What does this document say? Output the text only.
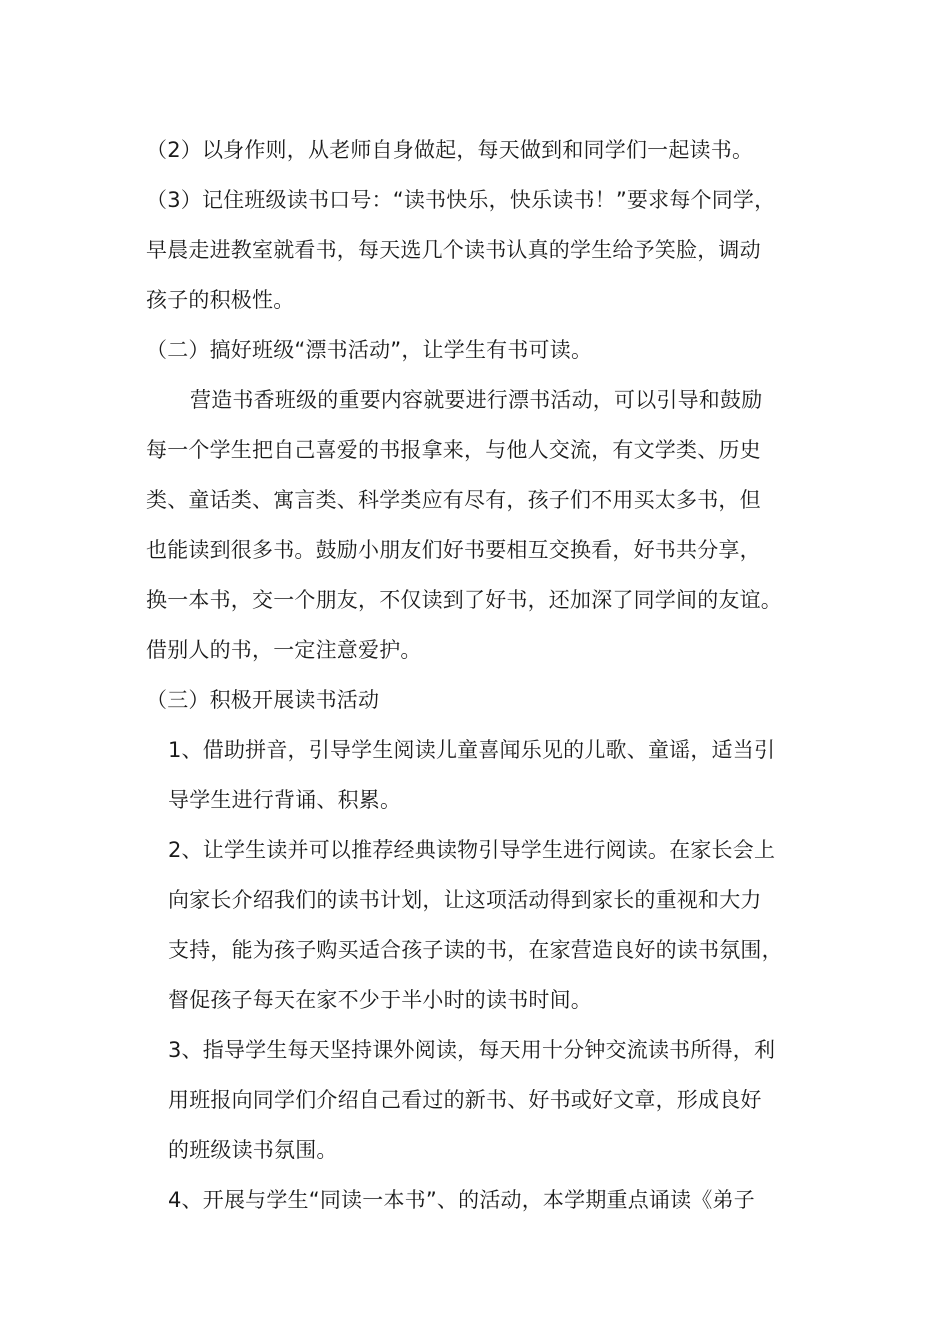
（2）以身作则，从老师自身做起，每天做到和同学们一起读书。
（3）记住班级读书口号：“读书快乐，快乐读书！”要求每个同学，
早晨走进教室就看书，每天选几个读书认真的学生给予笑脸，调动
孩子的积极性。
（二）搞好班级“漂书活动”，让学生有书可读。
营造书香班级的重要内容就要进行漂书活动，可以引导和鼓励
每一个学生把自己喜爱的书报拿来，与他人交流，有文学类、历史
类、童话类、寓言类、科学类应有尽有，孩子们不用买太多书，但
也能读到很多书。鼓励小朋友们好书要相互交换看，好书共分享，
换一本书，交一个朋友，不仅读到了好书，还加深了同学间的友谊。
借别人的书，一定注意爱护。
（三）积极开展读书活动
1、借助拼音，引导学生阅读儿童喜闻乐见的儿歌、童谣，适当引
导学生进行背诵、积累。
2、让学生读并可以推荐经典读物引导学生进行阅读。在家长会上
向家长介绍我们的读书计划，让这项活动得到家长的重视和大力
支持，能为孩子购买适合孩子读的书，在家营造良好的读书氛围，
督促孩子每天在家不少于半小时的读书时间。
3、指导学生每天坚持课外阅读，每天用十分钟交流读书所得，利
用班报向同学们介绍自己看过的新书、好书或好文章，形成良好
的班级读书氛围。
4、开展与学生“同读一本书”、的活动，本学期重点诵读《弟子
